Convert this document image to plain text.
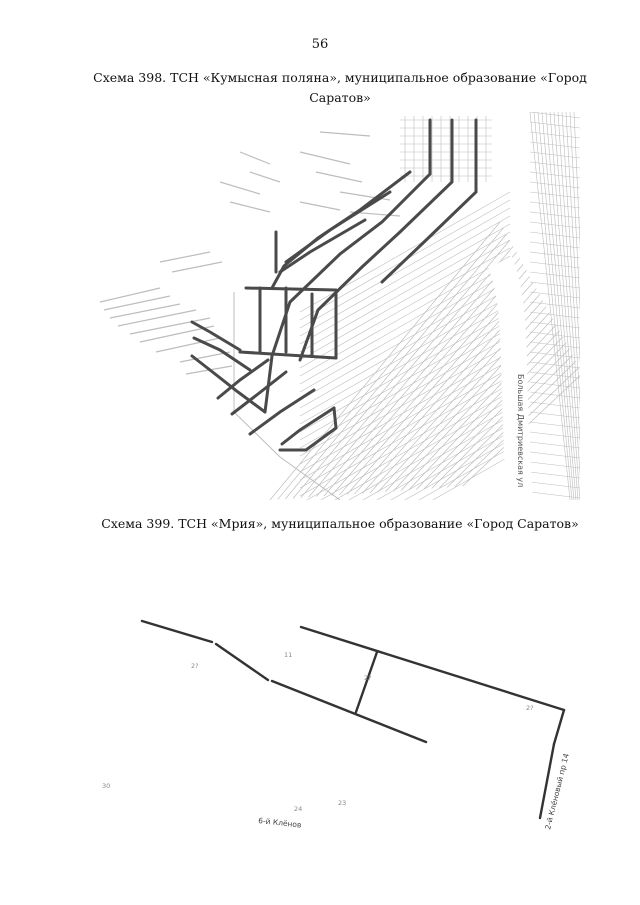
56
Схема 398. ТСН «Кумысная поляна», муниципальное образование «Город Саратов»
Большая Дмитриевская ул
Схема 399. ТСН «Мрия», муниципальное образование «Город Саратов»
2?
11
2?
2?
30
24
23
6-й Клёнов	2-й Клёновый пр 14
